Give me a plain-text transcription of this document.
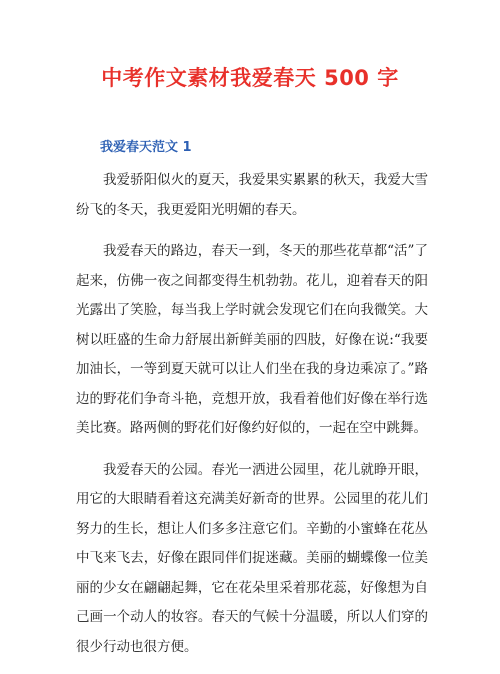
中考作文素材我爱春天 500 字
我爱春天范文 1

我爱骄阳似火的夏天，我爱果实累累的秋天，我爱大雪纷飞的冬天，我更爱阳光明媚的春天。

我爱春天的路边，春天一到，冬天的那些花草都“活”了起来，仿佛一夜之间都变得生机勃勃。花儿，迎着春天的阳光露出了笑脸，每当我上学时就会发现它们在向我微笑。大树以旺盛的生命力舒展出新鲜美丽的四肢，好像在说:“我要加油长，一等到夏天就可以让人们坐在我的身边乘凉了。”路边的野花们争奇斗艳，竞想开放，我看着他们好像在举行选美比赛。路两侧的野花们好像约好似的，一起在空中跳舞。

我爱春天的公园。春光一洒进公园里，花儿就睁开眼，用它的大眼睛看着这充满美好新奇的世界。公园里的花儿们努力的生长，想让人们多多注意它们。辛勤的小蜜蜂在花丛中飞来飞去，好像在跟同伴们捉迷藏。美丽的蝴蝶像一位美丽的少女在翩翩起舞，它在花朵里采着那花蕊，好像想为自己画一个动人的妆容。春天的气候十分温暖，所以人们穿的很少行动也很方便。
